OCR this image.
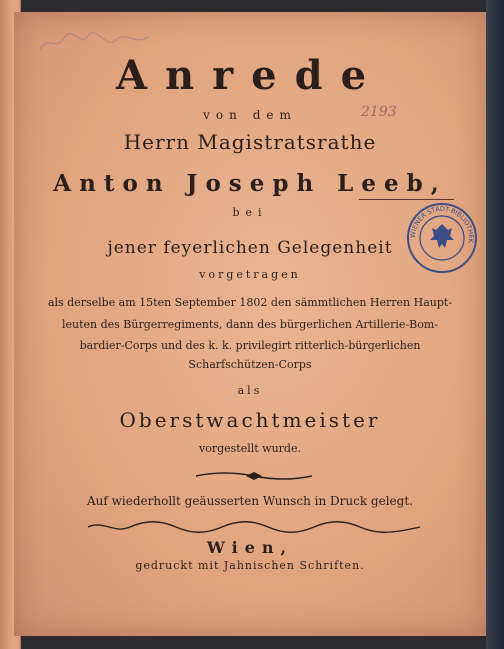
Anrede
von dem	2193
Herrn Magistratsrathe
Anton Joseph Leeb,
WIENER STADT-BIBLIOTHEK
bei
jener feyerlichen Gelegenheit
vorgetragen
als derselbe am 15ten September 1802 den sämmtlichen Herren Haupt-
leuten des Bürgerregiments, dann des bürgerlichen Artillerie-Bom-
bardier-Corps und des k. k. privilegirt ritterlich-bürgerlichen
Scharfschützen-Corps
als
Oberstwachtmeister
vorgestellt wurde.
Auf wiederhollt geäusserten Wunsch in Druck gelegt.
Wien,
gedruckt mit Jahnischen Schriften.
